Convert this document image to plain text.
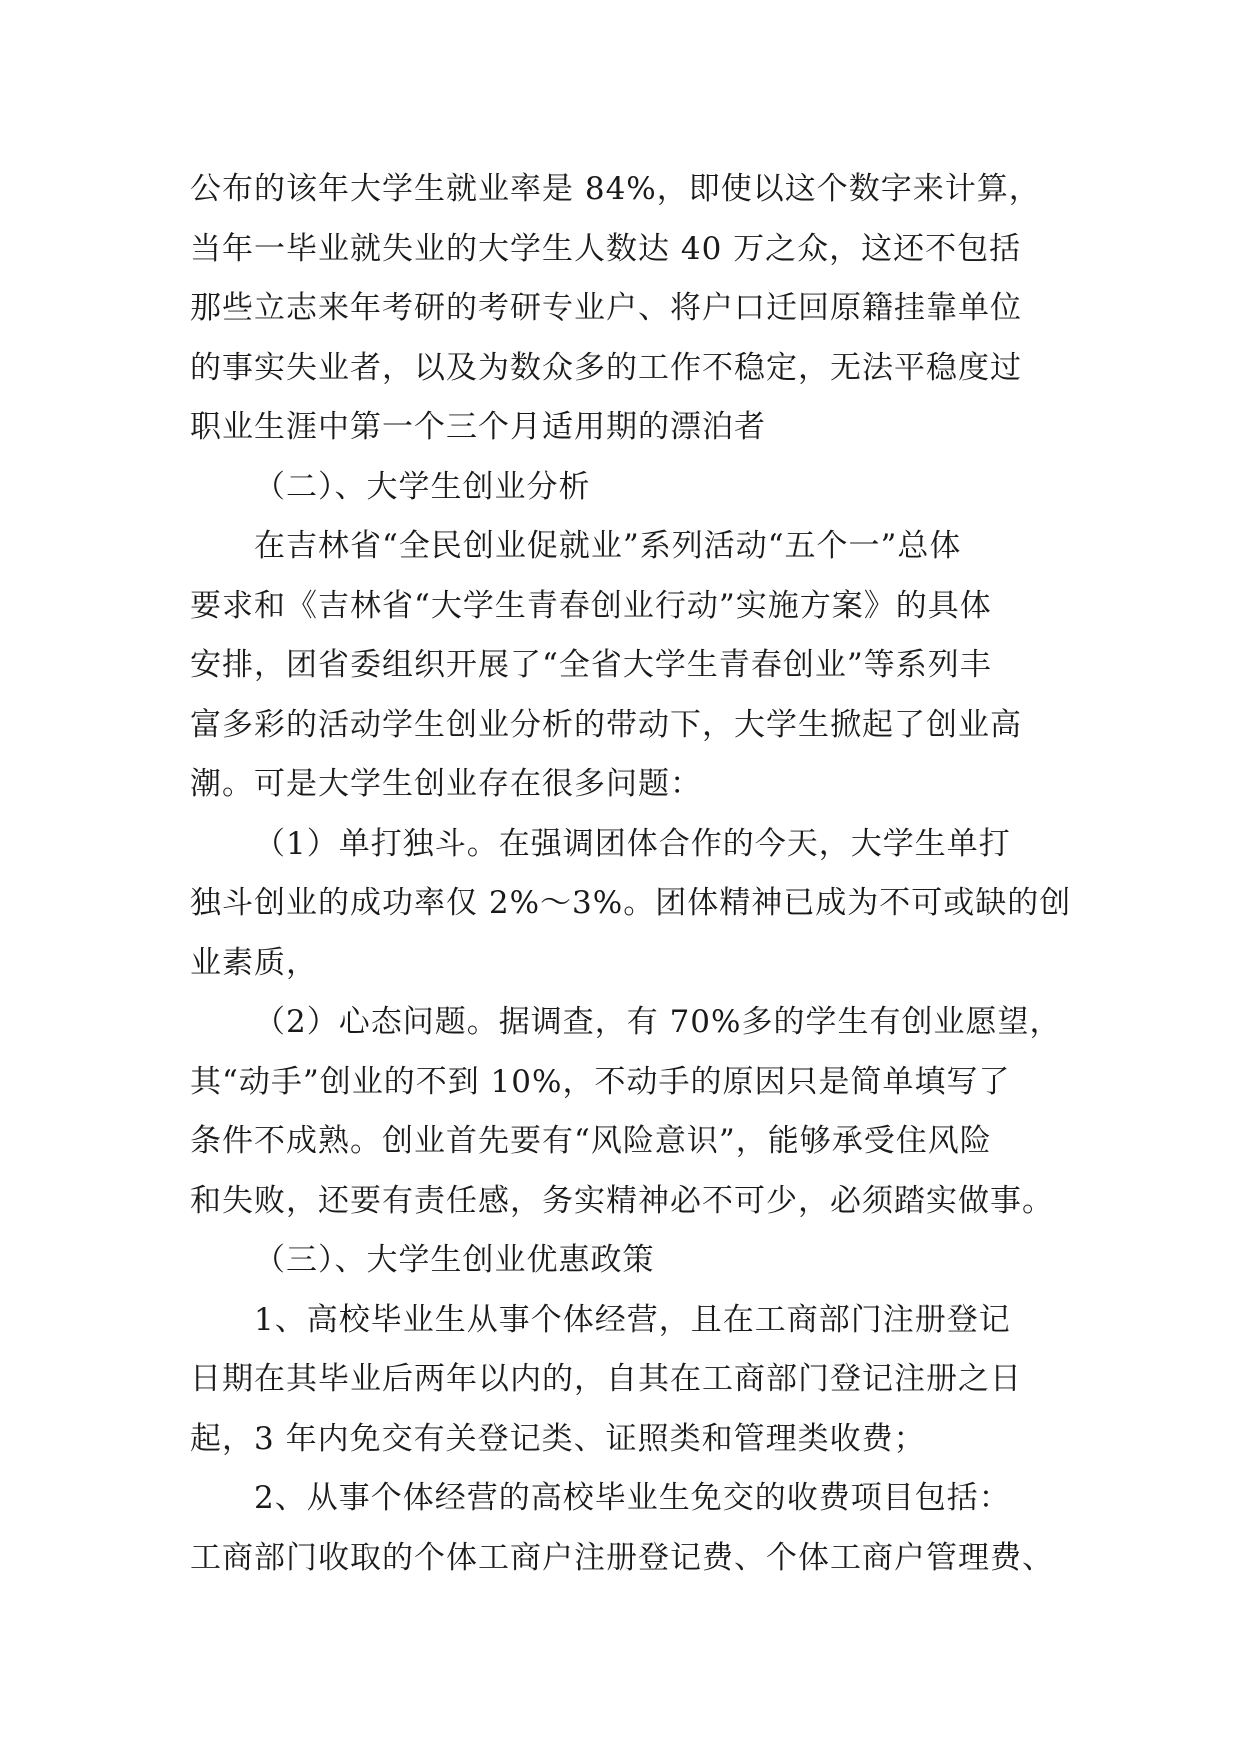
公布的该年大学生就业率是 84%，即使以这个数字来计算，
当年一毕业就失业的大学生人数达 40 万之众，这还不包括
那些立志来年考研的考研专业户、将户口迁回原籍挂靠单位
的事实失业者，以及为数众多的工作不稳定，无法平稳度过
职业生涯中第一个三个月适用期的漂泊者
（二）、大学生创业分析
在吉林省“全民创业促就业”系列活动“五个一”总体
要求和《吉林省“大学生青春创业行动”实施方案》的具体
安排，团省委组织开展了“全省大学生青春创业”等系列丰
富多彩的活动学生创业分析的带动下，大学生掀起了创业高
潮。可是大学生创业存在很多问题：
（1）单打独斗。在强调团体合作的今天，大学生单打
独斗创业的成功率仅 2%～3%。团体精神已成为不可或缺的创
业素质，
（2）心态问题。据调查，有 70%多的学生有创业愿望，
其“动手”创业的不到 10%，不动手的原因只是简单填写了
条件不成熟。创业首先要有“风险意识”，能够承受住风险
和失败，还要有责任感，务实精神必不可少，必须踏实做事。
（三）、大学生创业优惠政策
1、高校毕业生从事个体经营，且在工商部门注册登记
日期在其毕业后两年以内的，自其在工商部门登记注册之日
起，3 年内免交有关登记类、证照类和管理类收费；
2、从事个体经营的高校毕业生免交的收费项目包括：
工商部门收取的个体工商户注册登记费、个体工商户管理费、
